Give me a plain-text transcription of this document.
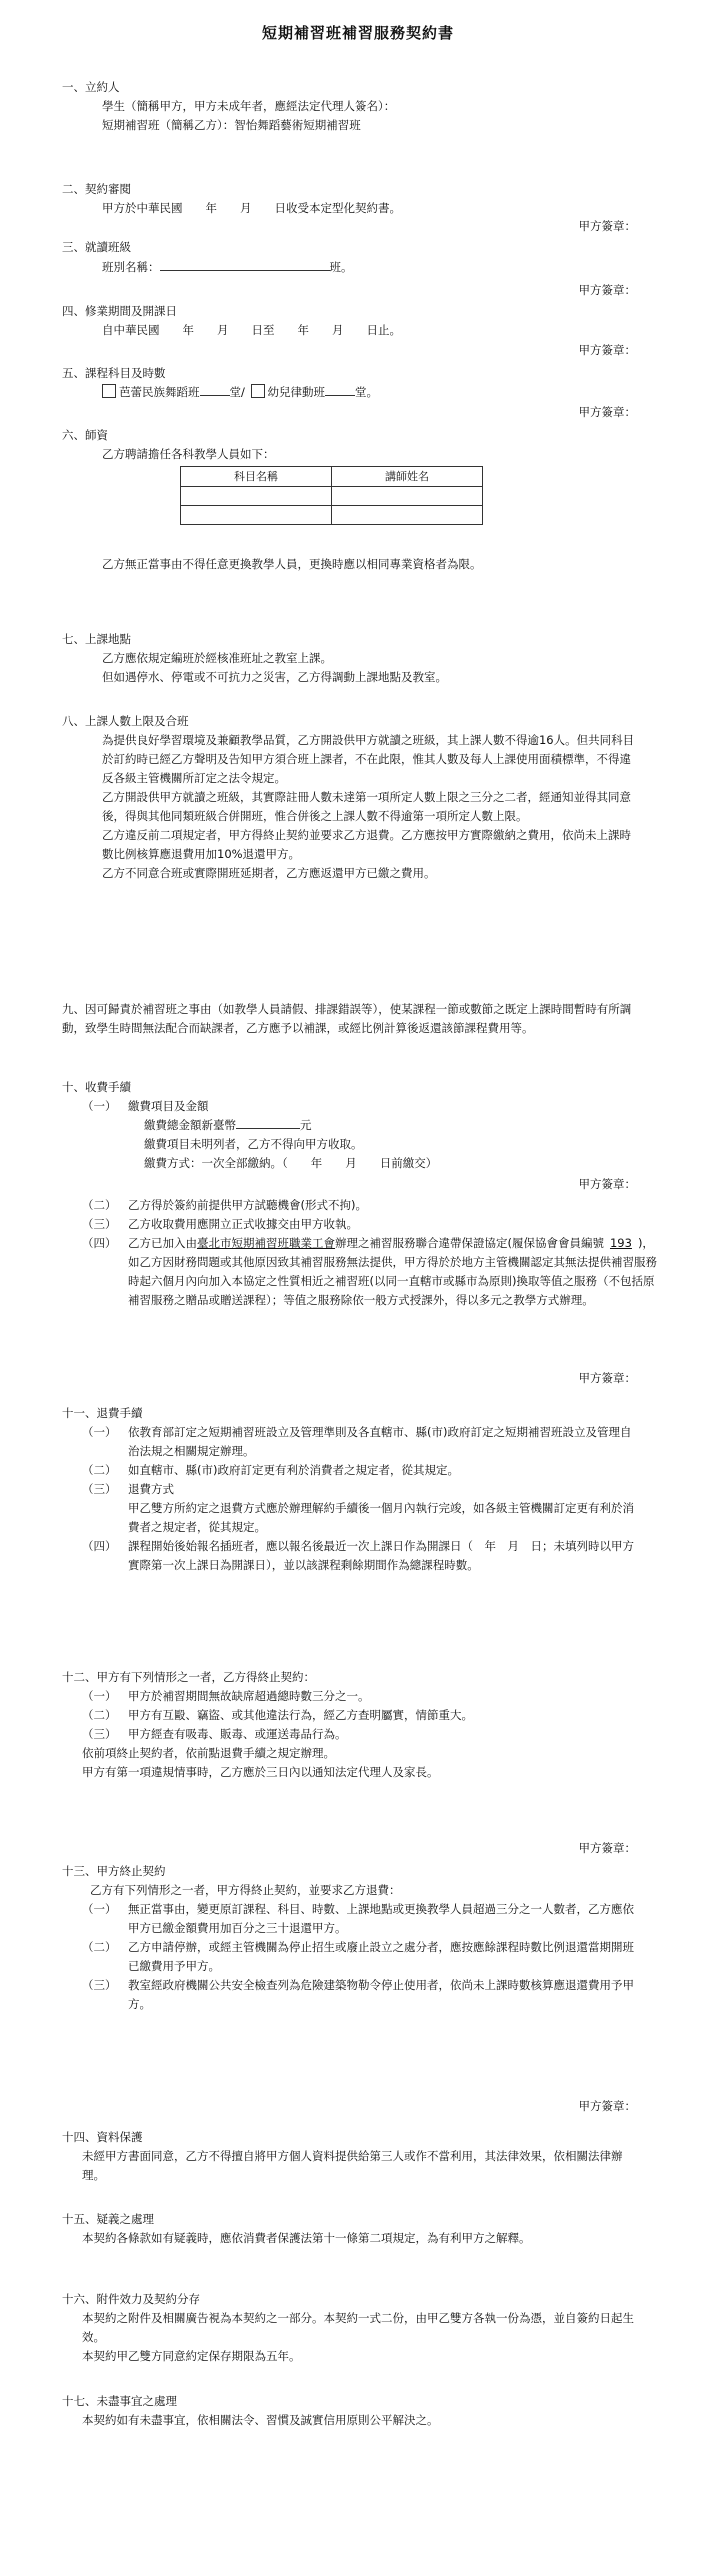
短期補習班補習服務契約書
一、立約人
學生（簡稱甲方，甲方未成年者，應經法定代理人簽名）：
短期補習班（簡稱乙方）：智怡舞蹈藝術短期補習班
二、契約審閱
甲方於中華民國　　年　　月　　日收受本定型化契約書。
甲方簽章：
三、就讀班級
班別名稱：	班。
甲方簽章：
四、修業期間及開課日
自中華民國　　年　　月　　日至　　年　　月　　日止。
甲方簽章：
五、課程科目及時數
芭蕾民族舞蹈班	堂/ 幼兒律動班	堂。
甲方簽章：
六、師資
乙方聘請擔任各科教學人員如下：
科目名稱	講師姓名

乙方無正當事由不得任意更換教學人員，更換時應以相同專業資格者為限。
七、上課地點
乙方應依規定編班於經核准班址之教室上課。
但如遇停水、停電或不可抗力之災害，乙方得調動上課地點及教室。
八、上課人數上限及合班
為提供良好學習環境及兼顧教學品質，乙方開設供甲方就讀之班級，其上課人數不得逾16人。但共同科目於訂約時已經乙方聲明及告知甲方須合班上課者，不在此限，惟其人數及每人上課使用面積標準，不得違反各級主管機關所訂定之法令規定。
乙方開設供甲方就讀之班級，其實際註冊人數未達第一項所定人數上限之三分之二者，經通知並得其同意後，得與其他同類班級合併開班，惟合併後之上課人數不得逾第一項所定人數上限。
乙方違反前二項規定者，甲方得終止契約並要求乙方退費。乙方應按甲方實際繳納之費用，依尚未上課時數比例核算應退費用加10%退還甲方。
乙方不同意合班或實際開班延期者，乙方應返還甲方已繳之費用。
九、因可歸責於補習班之事由（如教學人員請假、排課錯誤等），使某課程一節或數節之既定上課時間暫時有所調動，致學生時間無法配合而缺課者，乙方應予以補課，或經比例計算後返還該節課程費用等。
十、收費手續
（一）	繳費項目及金額
繳費總金額新臺幣	元
繳費項目未明列者，乙方不得向甲方收取。
繳費方式：一次全部繳納。（　　年　　月　　日前繳交）
甲方簽章：
（二）	乙方得於簽約前提供甲方試聽機會(形式不拘)。
（三）	乙方收取費用應開立正式收據交由甲方收執。
（四）	乙方已加入由臺北市短期補習班職業工會辦理之補習服務聯合違帶保證協定(履保協會會員編號 193 )，如乙方因財務問題或其他原因致其補習服務無法提供，甲方得於於地方主管機關認定其無法提供補習服務時起六個月內向加入本協定之性質相近之補習班(以同一直轄市或縣市為原則)換取等值之服務（不包括原補習服務之贈品或贈送課程）；等值之服務除依一般方式授課外，得以多元之教學方式辦理。
甲方簽章：
十一、退費手續
（一）	依教育部訂定之短期補習班設立及管理準則及各直轄市、縣(市)政府訂定之短期補習班設立及管理自治法規之相關規定辦理。
（二）	如直轄市、縣(市)政府訂定更有利於消費者之規定者，從其規定。
（三）	退費方式
甲乙雙方所約定之退費方式應於辦理解約手續後一個月內執行完竣，如各級主管機關訂定更有利於消費者之規定者，從其規定。
（四）	課程開始後始報名插班者，應以報名後最近一次上課日作為開課日（　年　月　日；未填列時以甲方實際第一次上課日為開課日），並以該課程剩餘期間作為總課程時數。
十二、甲方有下列情形之一者，乙方得終止契約：
（一）	甲方於補習期間無故缺席超過總時數三分之一。
（二）	甲方有互毆、竊盜、或其他違法行為，經乙方查明屬實，情節重大。
（三）	甲方經查有吸毒、販毒、或運送毒品行為。
依前項終止契約者，依前點退費手續之規定辦理。
甲方有第一項違規情事時，乙方應於三日內以通知法定代理人及家長。
甲方簽章：
十三、甲方終止契約
乙方有下列情形之一者，甲方得終止契約，並要求乙方退費：
（一）	無正當事由，變更原訂課程、科目、時數、上課地點或更換教學人員超過三分之一人數者，乙方應依甲方已繳金額費用加百分之三十退還甲方。
（二）	乙方申請停辦，或經主管機關為停止招生或廢止設立之處分者，應按應餘課程時數比例退還當期開班已繳費用予甲方。
（三）	教室經政府機關公共安全檢查列為危險建築物勒令停止使用者，依尚未上課時數核算應退還費用予甲方。
甲方簽章：
十四、資料保護
未經甲方書面同意，乙方不得擅自將甲方個人資料提供給第三人或作不當利用，其法律效果，依相關法律辦理。
十五、疑義之處理
本契約各條款如有疑義時，應依消費者保護法第十一條第二項規定，為有利甲方之解釋。
十六、附件效力及契約分存
本契約之附件及相關廣告視為本契約之一部分。本契約一式二份，由甲乙雙方各執一份為憑，並自簽約日起生效。
本契約甲乙雙方同意約定保存期限為五年。
十七、未盡事宜之處理
本契約如有未盡事宜，依相關法令、習慣及誠實信用原則公平解決之。
